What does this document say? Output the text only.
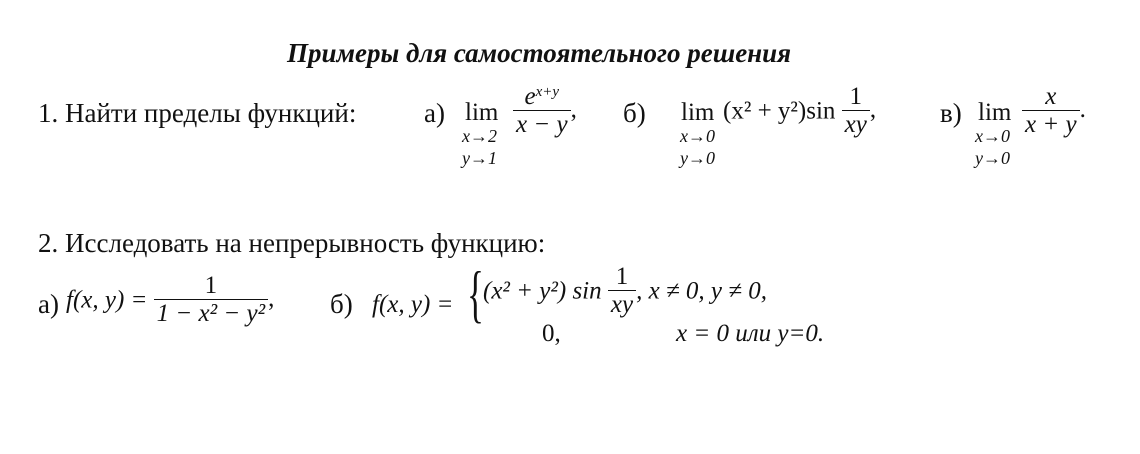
Примеры для самостоятельного решения
1. Найти пределы функций:	а) lim
x→2
y→1
$\frac{e^{x+y}}{x - y}$ , б) lim
x→0
y→0
$(x^2 + y^2)\sin \frac{1}{xy}$ , в) lim
x→0
y→0
$\frac{x}{x + y}$ .
2. Исследовать на непрерывность функцию:
а) f(x, $y) = \frac{1}{\text{1 − x² − y²}}$ , б) f(x, y) = { (x² + y²) $\sin \frac{1}{xy}$ , x ≠ 0, y ≠ 0,
0,	x = 0 или y=0.
